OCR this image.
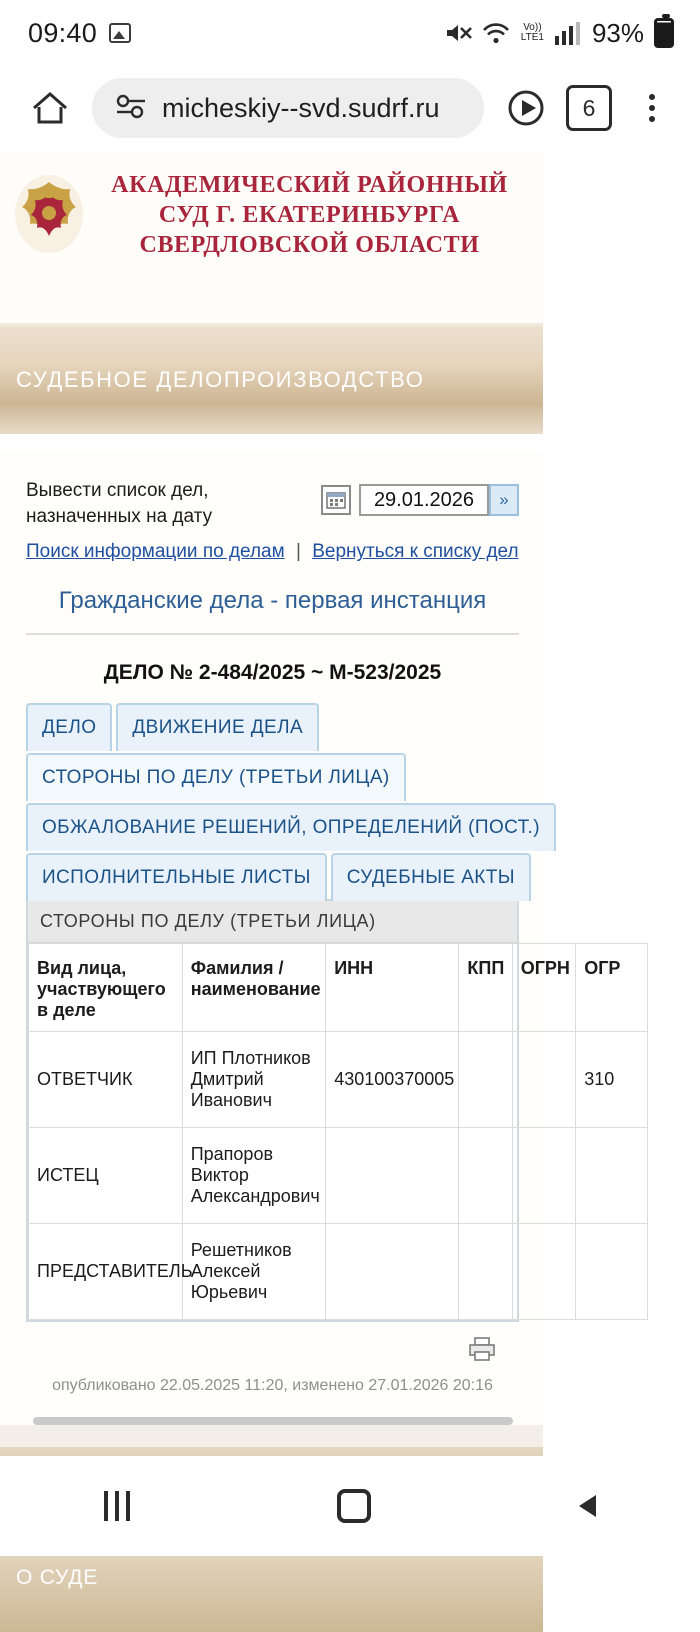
09:40	Vo))
LTE1 93%
micheskiy--svd.sudrf.ru	6
АКАДЕМИЧЕСКИЙ РАЙОННЫЙ СУД Г. ЕКАТЕРИНБУРГА СВЕРДЛОВСКОЙ ОБЛАСТИ
СУДЕБНОЕ ДЕЛОПРОИЗВОДСТВО
Вывести список дел, назначенных на дату
29.01.2026
»
Поиск информации по делам | Вернуться к списку дел
Гражданские дела - первая инстанция
ДЕЛО № 2-484/2025 ~ М-523/2025
ДЕЛО	ДВИЖЕНИЕ ДЕЛА
СТОРОНЫ ПО ДЕЛУ (ТРЕТЬИ ЛИЦА)
ОБЖАЛОВАНИЕ РЕШЕНИЙ, ОПРЕДЕЛЕНИЙ (ПОСТ.)
ИСПОЛНИТЕЛЬНЫЕ ЛИСТЫ	СУДЕБНЫЕ АКТЫ
СТОРОНЫ ПО ДЕЛУ (ТРЕТЬИ ЛИЦА)
Вид лица, участвующего в деле	Фамилия / наименование	ИНН	КПП	ОГРН	ОГР
ОТВЕТЧИК	ИП Плотников Дмитрий Иванович	430100370005			310
ИСТЕЦ	Прапоров Виктор Александрович				
ПРЕДСТАВИТЕЛЬ	Решетников Алексей Юрьевич				
опубликовано 22.05.2025 11:20, изменено 27.01.2026 20:16
О СУДЕ
